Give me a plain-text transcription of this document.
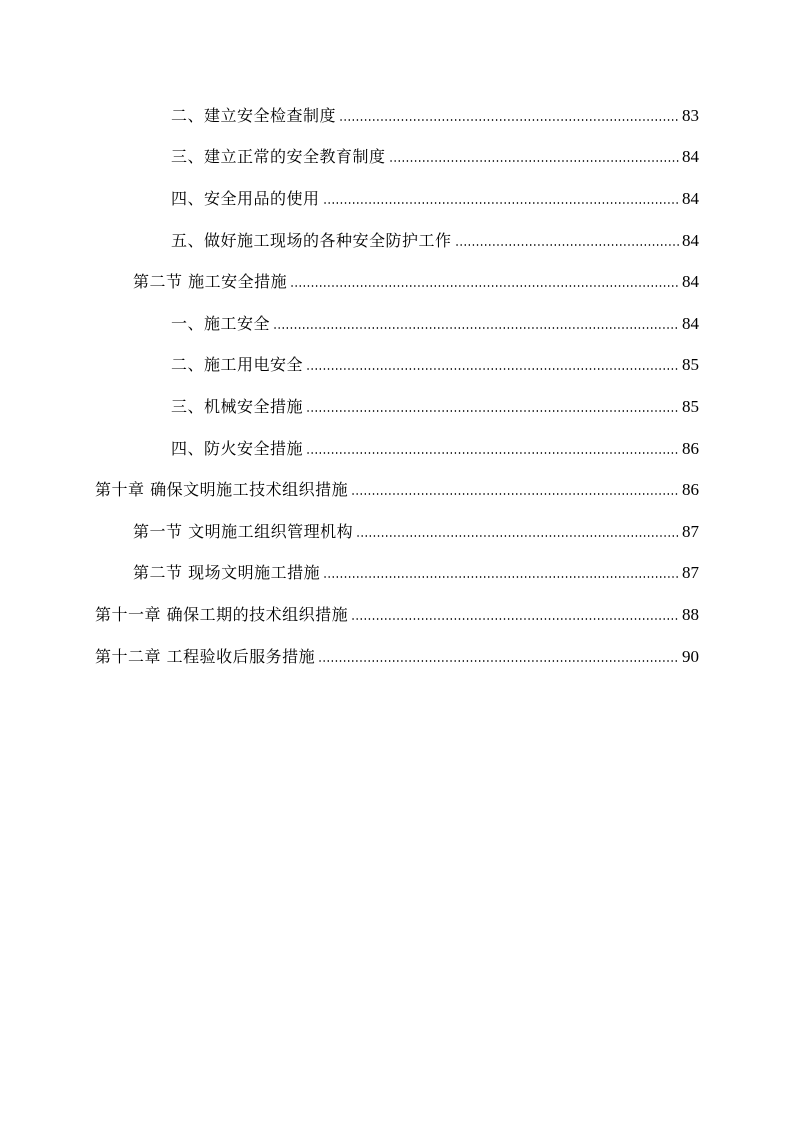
二、建立安全检查制度	83
三、建立正常的安全教育制度	84
四、安全用品的使用	84
五、做好施工现场的各种安全防护工作	84
第二节 施工安全措施	84
一、施工安全	84
二、施工用电安全	85
三、机械安全措施	85
四、防火安全措施	86
第十章 确保文明施工技术组织措施	86
第一节 文明施工组织管理机构	87
第二节 现场文明施工措施	87
第十一章 确保工期的技术组织措施	88
第十二章 工程验收后服务措施	90
